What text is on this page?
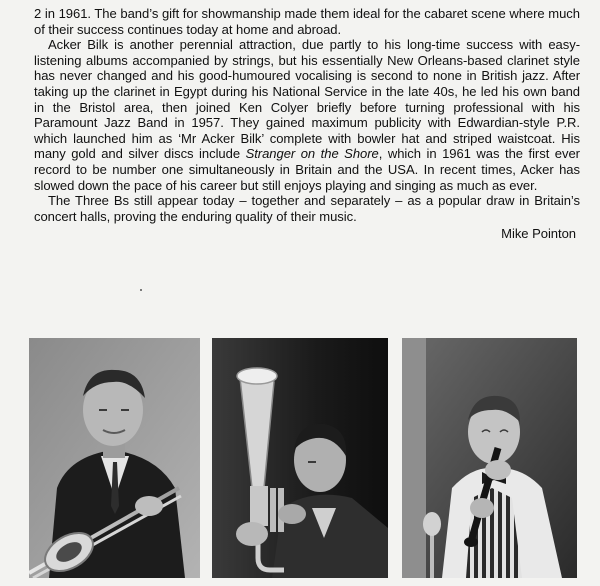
2 in 1961. The band’s gift for showmanship made them ideal for the cabaret scene where much of their success continues today at home and abroad.

Acker Bilk is another perennial attraction, due partly to his long-time success with easy-listening albums accompanied by strings, but his essentially New Orleans-based clarinet style has never changed and his good-humoured vocalising is second to none in British jazz. After taking up the clarinet in Egypt during his National Service in the late 40s, he led his own band in the Bristol area, then joined Ken Colyer briefly before turning professional with his Paramount Jazz Band in 1957. They gained maximum publicity with Edwardian-style P.R. which launched him as ‘Mr Acker Bilk’ complete with bowler hat and striped waistcoat. His many gold and silver discs include Stranger on the Shore, which in 1961 was the first ever record to be number one simultaneously in Britain and the USA. In recent times, Acker has slowed down the pace of his career but still enjoys playing and singing as much as ever.

The Three Bs still appear today – together and separately – as a popular draw in Britain’s concert halls, proving the enduring quality of their music.

Mike Pointon
